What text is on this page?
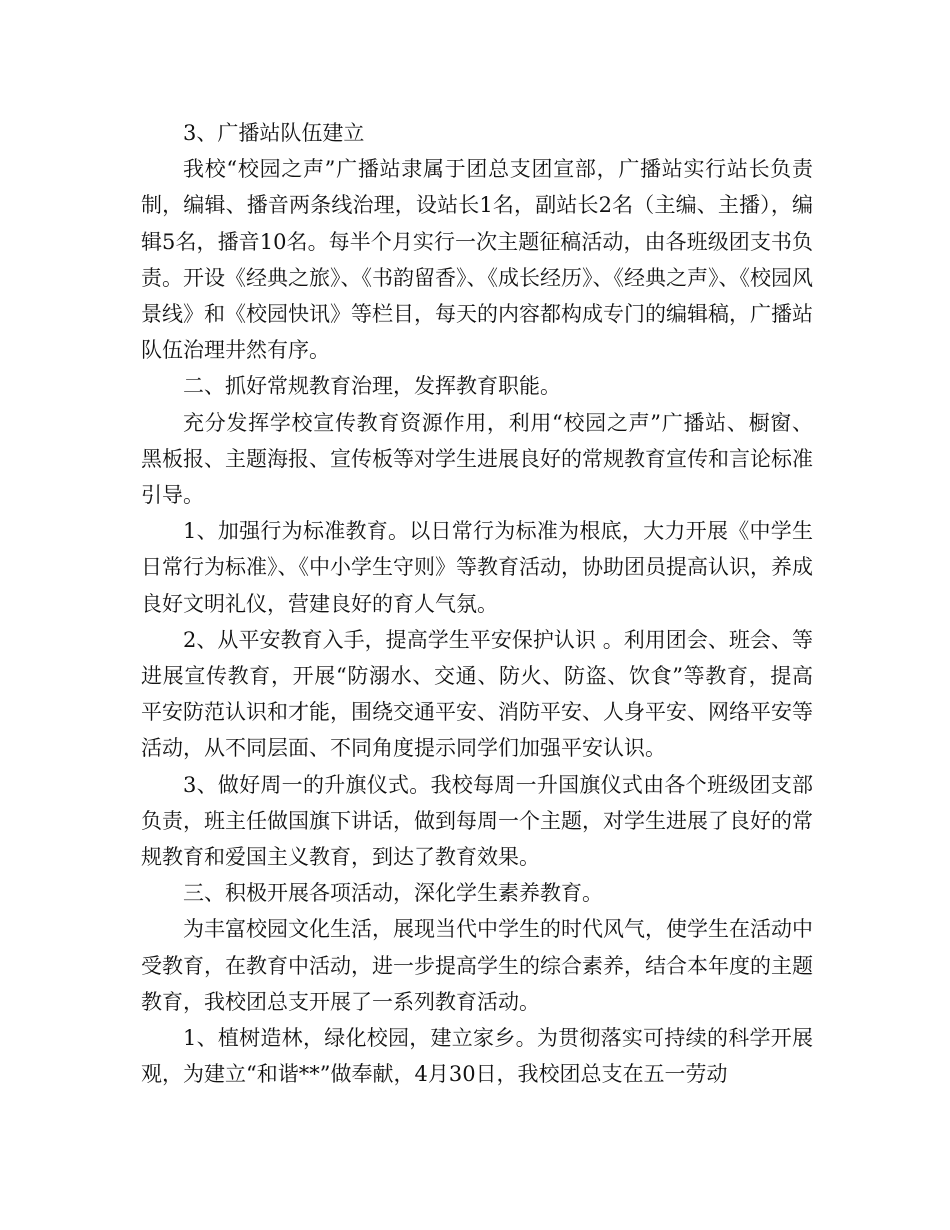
3、广播站队伍建立

我校“校园之声”广播站隶属于团总支团宣部，广播站实行站长负责制，编辑、播音两条线治理，设站长1名，副站长2名（主编、主播），编辑5名，播音10名。每半个月实行一次主题征稿活动，由各班级团支书负责。开设《经典之旅》、《书韵留香》、《成长经历》、《经典之声》、《校园风景线》和《校园快讯》等栏目，每天的内容都构成专门的编辑稿，广播站队伍治理井然有序。

二、抓好常规教育治理，发挥教育职能。

充分发挥学校宣传教育资源作用，利用“校园之声”广播站、橱窗、黑板报、主题海报、宣传板等对学生进展良好的常规教育宣传和言论标准引导。

1、加强行为标准教育。以日常行为标准为根底，大力开展《中学生日常行为标准》、《中小学生守则》等教育活动，协助团员提高认识，养成良好文明礼仪，营建良好的育人气氛。

2、从平安教育入手，提高学生平安保护认识 。利用团会、班会、等进展宣传教育，开展“防溺水、交通、防火、防盗、饮食”等教育，提高平安防范认识和才能，围绕交通平安、消防平安、人身平安、网络平安等活动，从不同层面、不同角度提示同学们加强平安认识。

3、做好周一的升旗仪式。我校每周一升国旗仪式由各个班级团支部负责，班主任做国旗下讲话，做到每周一个主题，对学生进展了良好的常规教育和爱国主义教育，到达了教育效果。

三、积极开展各项活动，深化学生素养教育。

为丰富校园文化生活，展现当代中学生的时代风气，使学生在活动中受教育，在教育中活动，进一步提高学生的综合素养，结合本年度的主题教育，我校团总支开展了一系列教育活动。

1、植树造林，绿化校园，建立家乡。为贯彻落实可持续的科学开展观，为建立“和谐**”做奉献，4月30日，我校团总支在五一劳动
